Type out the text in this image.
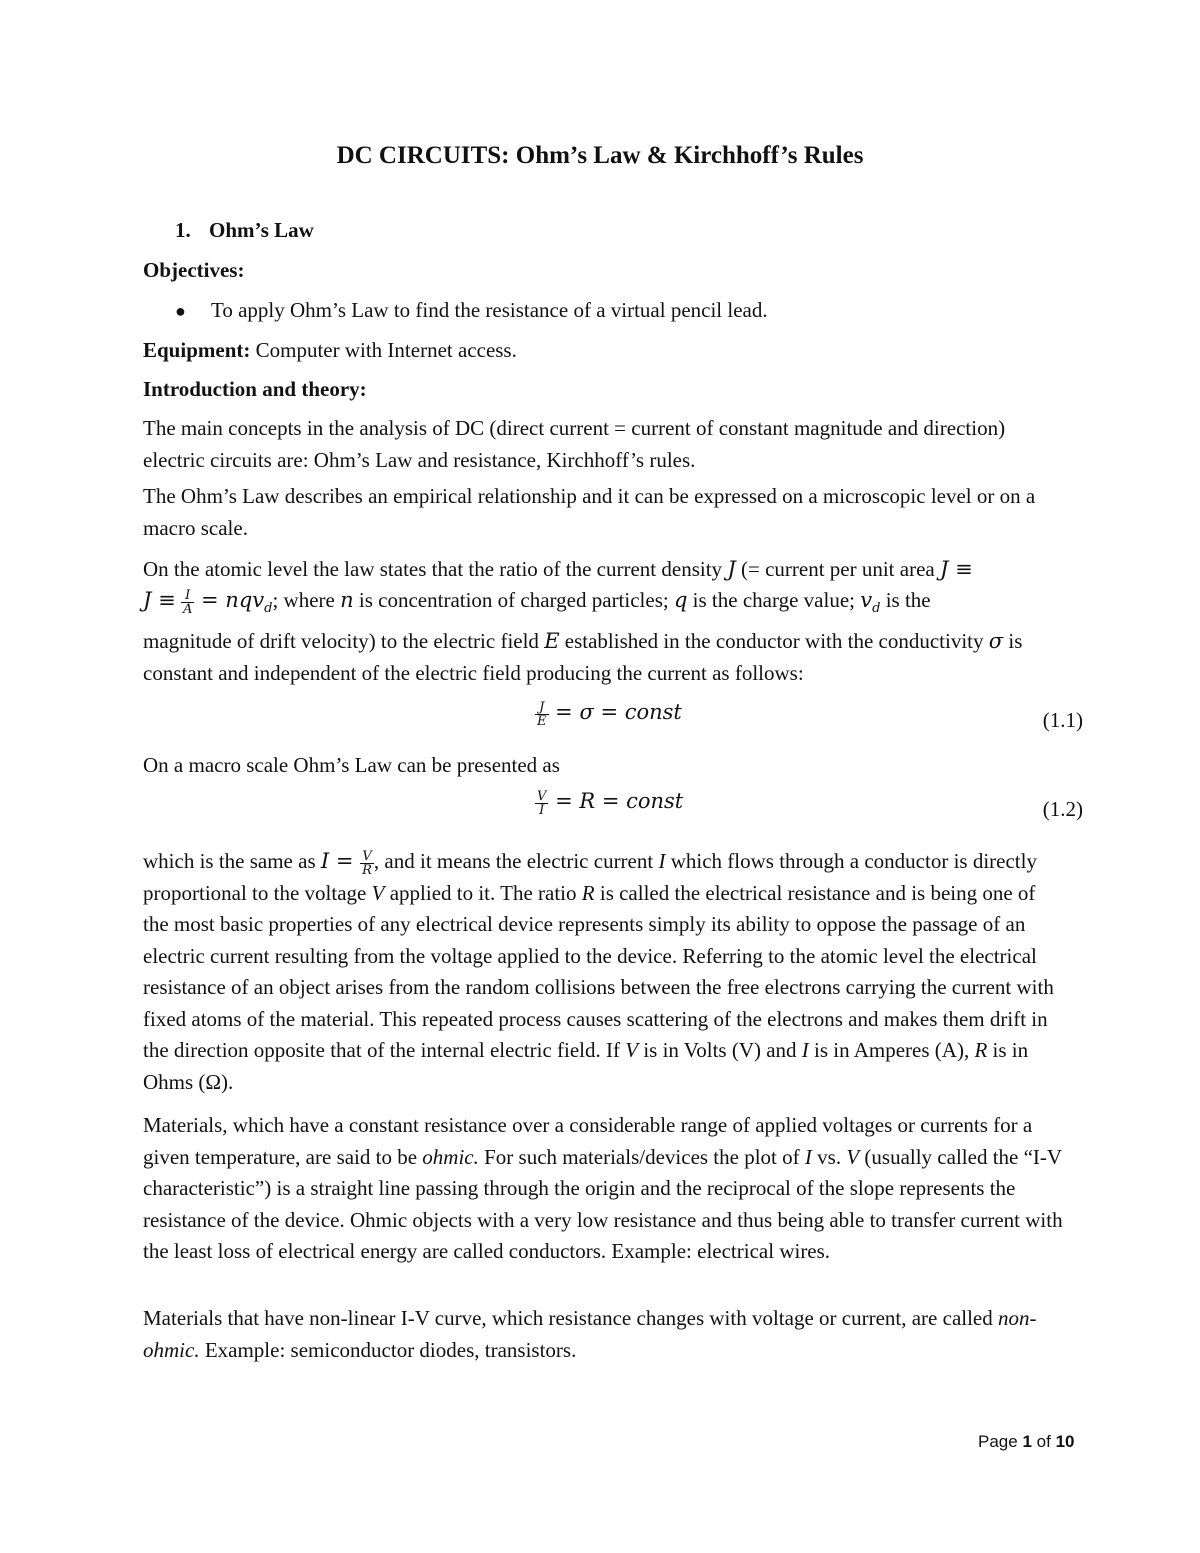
DC CIRCUITS: Ohm’s Law & Kirchhoff’s Rules
1. Ohm’s Law
Objectives:
● To apply Ohm’s Law to find the resistance of a virtual pencil lead.
Equipment: Computer with Internet access.
Introduction and theory:

The main concepts in the analysis of DC (direct current = current of constant magnitude and direction) electric circuits are: Ohm’s Law and resistance, Kirchhoff’s rules.

The Ohm’s Law describes an empirical relationship and it can be expressed on a microscopic level or on a macro scale.

On the atomic level the law states that the ratio of the current density J (= current per unit area J ≡
$J \equiv \frac{I}{A} = nqv_d$; where n is concentration of charged particles; q is the charge value; $v_d$ is the

magnitude of drift velocity) to the electric field E established in the conductor with the conductivity σ is constant and independent of the electric field producing the current as follows:

$\frac{J}{E} = \sigma$ = const	(1.1)
On a macro scale Ohm’s Law can be presented as
$\frac{V}{I} = R$ = const	(1.2)

which is the same as $I = \frac{V}{R}$ , and it means the electric current I which flows through a conductor is directly proportional to the voltage V applied to it. The ratio R is called the electrical resistance and is being one of the most basic properties of any electrical device represents simply its ability to oppose the passage of an electric current resulting from the voltage applied to the device. Referring to the atomic level the electrical resistance of an object arises from the random collisions between the free electrons carrying the current with fixed atoms of the material. This repeated process causes scattering of the electrons and makes them drift in the direction opposite that of the internal electric field. If V is in Volts (V) and I is in Amperes (A), R is in Ohms (Ω).

Materials, which have a constant resistance over a considerable range of applied voltages or currents for a given temperature, are said to be ohmic. For such materials/devices the plot of I vs. V (usually called the “I-V characteristic”) is a straight line passing through the origin and the reciprocal of the slope represents the resistance of the device. Ohmic objects with a very low resistance and thus being able to transfer current with the least loss of electrical energy are called conductors. Example: electrical wires.

Materials that have non-linear I-V curve, which resistance changes with voltage or current, are called non-ohmic. Example: semiconductor diodes, transistors.

Page 1 of 10
